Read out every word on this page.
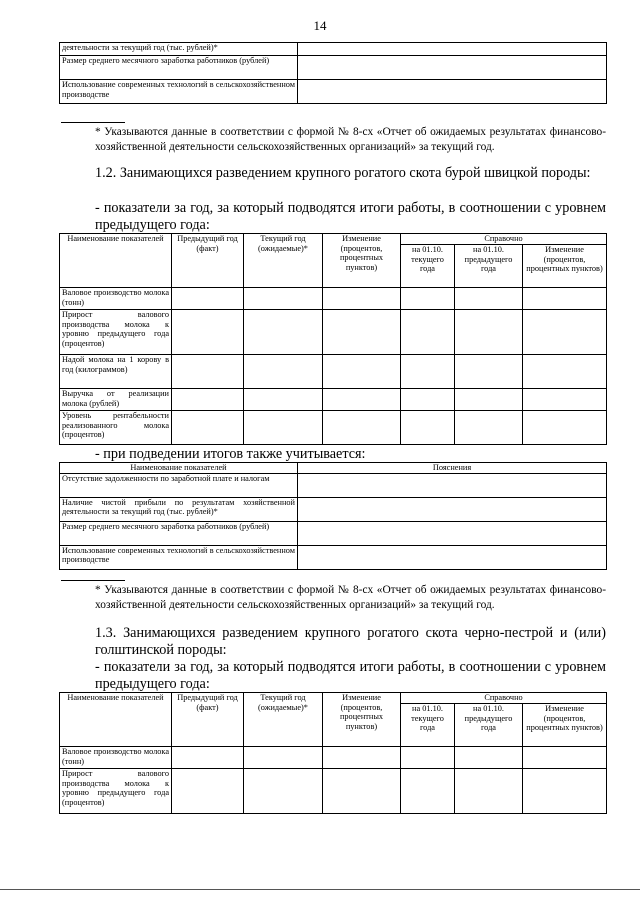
14
деятельности за текущий год (тыс. рублей)*	
Размер среднего месячного заработка работников (рублей)	
Использование современных технологий в сельскохозяйственном производстве	
* Указываются данные в соответствии с формой № 8-сх «Отчет об ожидаемых результатах финансово-хозяйственной деятельности сельскохозяйственных организаций» за текущий год.
1.2. Занимающихся разведением крупного рогатого скота бурой швицкой породы:
- показатели за год, за который подводятся итоги работы, в соотношении с уровнем предыдущего года:
Наименование показателей	Предыдущий год (факт)	Текущий год (ожидаемые)*	Изменение (процентов, процентных пунктов)	Справочно		
				на 01.10. текущего года	на 01.10. предыдущего года	Изменение (процентов, процентных пунктов)
Валовое производство молока (тонн)						
Прирост валового производства молока к уровню предыдущего года (процентов)						
Надой молока на 1 корову в год (килограммов)						
Выручка от реализации молока (рублей)						
Уровень рентабельности реализованного молока (процентов)						
- при подведении итогов также учитывается:
Наименование показателей	Пояснения
Отсутствие задолженности по заработной плате и налогам	
Наличие чистой прибыли по результатам хозяйственной деятельности за текущий год (тыс. рублей)*	
Размер среднего месячного заработка работников (рублей)	
Использование современных технологий в сельскохозяйственном производстве	
* Указываются данные в соответствии с формой № 8-сх «Отчет об ожидаемых результатах финансово-хозяйственной деятельности сельскохозяйственных организаций» за текущий год.
1.3. Занимающихся разведением крупного рогатого скота черно-пестрой и (или) голштинской породы:
- показатели за год, за который подводятся итоги работы, в соотношении с уровнем предыдущего года:
Наименование показателей	Предыдущий год (факт)	Текущий год (ожидаемые)*	Изменение (процентов, процентных пунктов)	Справочно		
				на 01.10. текущего года	на 01.10. предыдущего года	Изменение (процентов, процентных пунктов)
Валовое производство молока (тонн)						
Прирост валового производства молока к уровню предыдущего года (процентов)						
